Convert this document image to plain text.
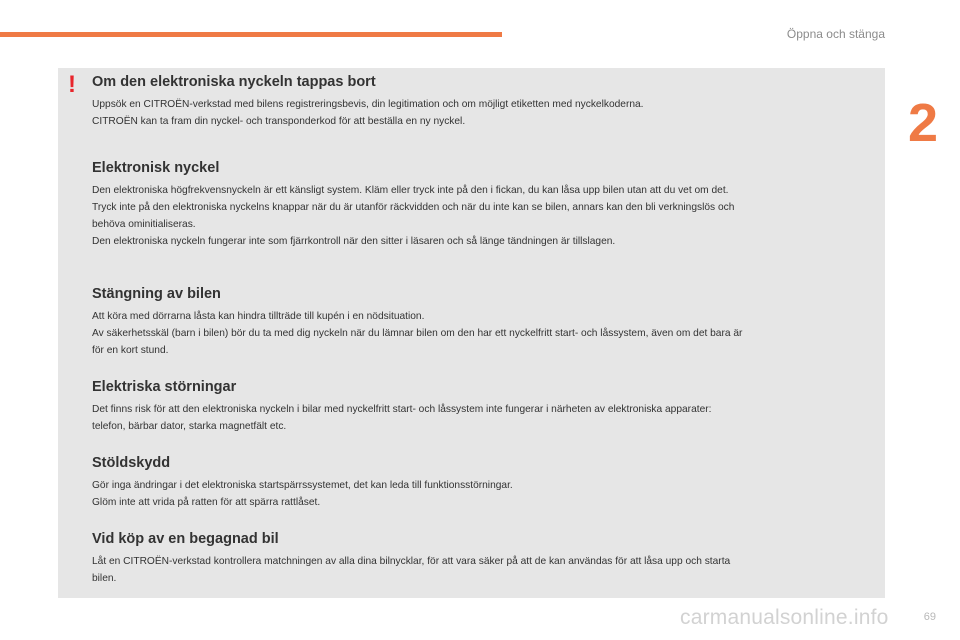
Öppna och stänga
2
! Om den elektroniska nyckeln tappas bort

Uppsök en CITROËN-verkstad med bilens registreringsbevis, din legitimation och om möjligt etiketten med nyckelkoderna.
CITROËN kan ta fram din nyckel- och transponderkod för att beställa en ny nyckel.

Elektronisk nyckel

Den elektroniska högfrekvensnyckeln är ett känsligt system. Kläm eller tryck inte på den i fickan, du kan låsa upp bilen utan att du vet om det.
Tryck inte på den elektroniska nyckelns knappar när du är utanför räckvidden och när du inte kan se bilen, annars kan den bli verkningslös och
behöva ominitialiseras.
Den elektroniska nyckeln fungerar inte som fjärrkontroll när den sitter i läsaren och så länge tändningen är tillslagen.

Stängning av bilen

Att köra med dörrarna låsta kan hindra tillträde till kupén i en nödsituation.
Av säkerhetsskäl (barn i bilen) bör du ta med dig nyckeln när du lämnar bilen om den har ett nyckelfritt start- och låssystem, även om det bara är
för en kort stund.

Elektriska störningar

Det finns risk för att den elektroniska nyckeln i bilar med nyckelfritt start- och låssystem inte fungerar i närheten av elektroniska apparater:
telefon, bärbar dator, starka magnetfält etc.

Stöldskydd

Gör inga ändringar i det elektroniska startspärrssystemet, det kan leda till funktionsstörningar.
Glöm inte att vrida på ratten för att spärra rattlåset.

Vid köp av en begagnad bil

Låt en CITROËN-verkstad kontrollera matchningen av alla dina bilnycklar, för att vara säker på att de kan användas för att låsa upp och starta
bilen.

69
carmanualsonline.info
